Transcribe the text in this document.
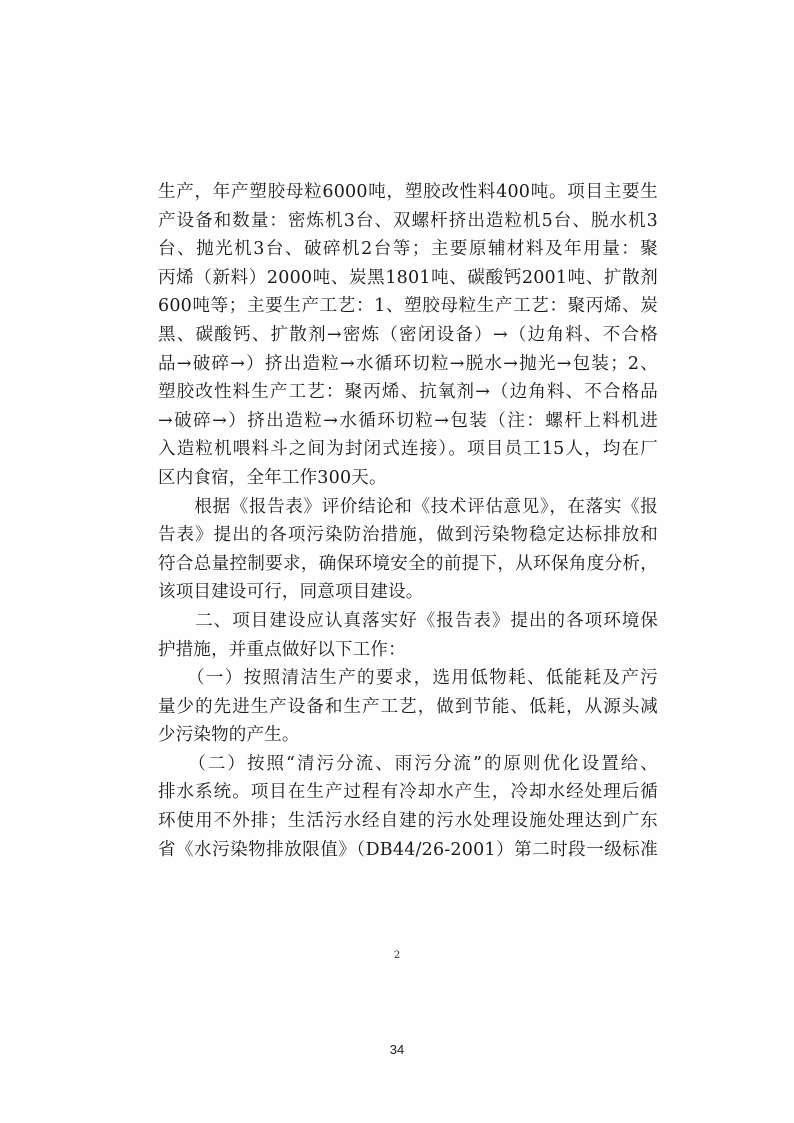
生产，年产塑胶母粒6000吨，塑胶改性料400吨。项目主要生
产设备和数量：密炼机3台、双螺杆挤出造粒机5台、脱水机3
台、抛光机3台、破碎机2台等；主要原辅材料及年用量：聚
丙烯（新料）2000吨、炭黑1801吨、碳酸钙2001吨、扩散剂
600吨等；主要生产工艺：1、塑胶母粒生产工艺：聚丙烯、炭
黑、碳酸钙、扩散剂→密炼（密闭设备）→（边角料、不合格
品→破碎→）挤出造粒→水循环切粒→脱水→抛光→包装；2、
塑胶改性料生产工艺：聚丙烯、抗氧剂→（边角料、不合格品
→破碎→）挤出造粒→水循环切粒→包装（注：螺杆上料机进
入造粒机喂料斗之间为封闭式连接）。项目员工15人，均在厂
区内食宿，全年工作300天。
　　根据《报告表》评价结论和《技术评估意见》，在落实《报
告表》提出的各项污染防治措施，做到污染物稳定达标排放和
符合总量控制要求，确保环境安全的前提下，从环保角度分析，
该项目建设可行，同意项目建设。
　　二、项目建设应认真落实好《报告表》提出的各项环境保
护措施，并重点做好以下工作：
　　（一）按照清洁生产的要求，选用低物耗、低能耗及产污
量少的先进生产设备和生产工艺，做到节能、低耗，从源头减
少污染物的产生。
　　（二）按照“清污分流、雨污分流”的原则优化设置给、
排水系统。项目在生产过程有冷却水产生，冷却水经处理后循
环使用不外排；生活污水经自建的污水处理设施处理达到广东
省《水污染物排放限值》（DB44/26-2001）第二时段一级标准
2
34
